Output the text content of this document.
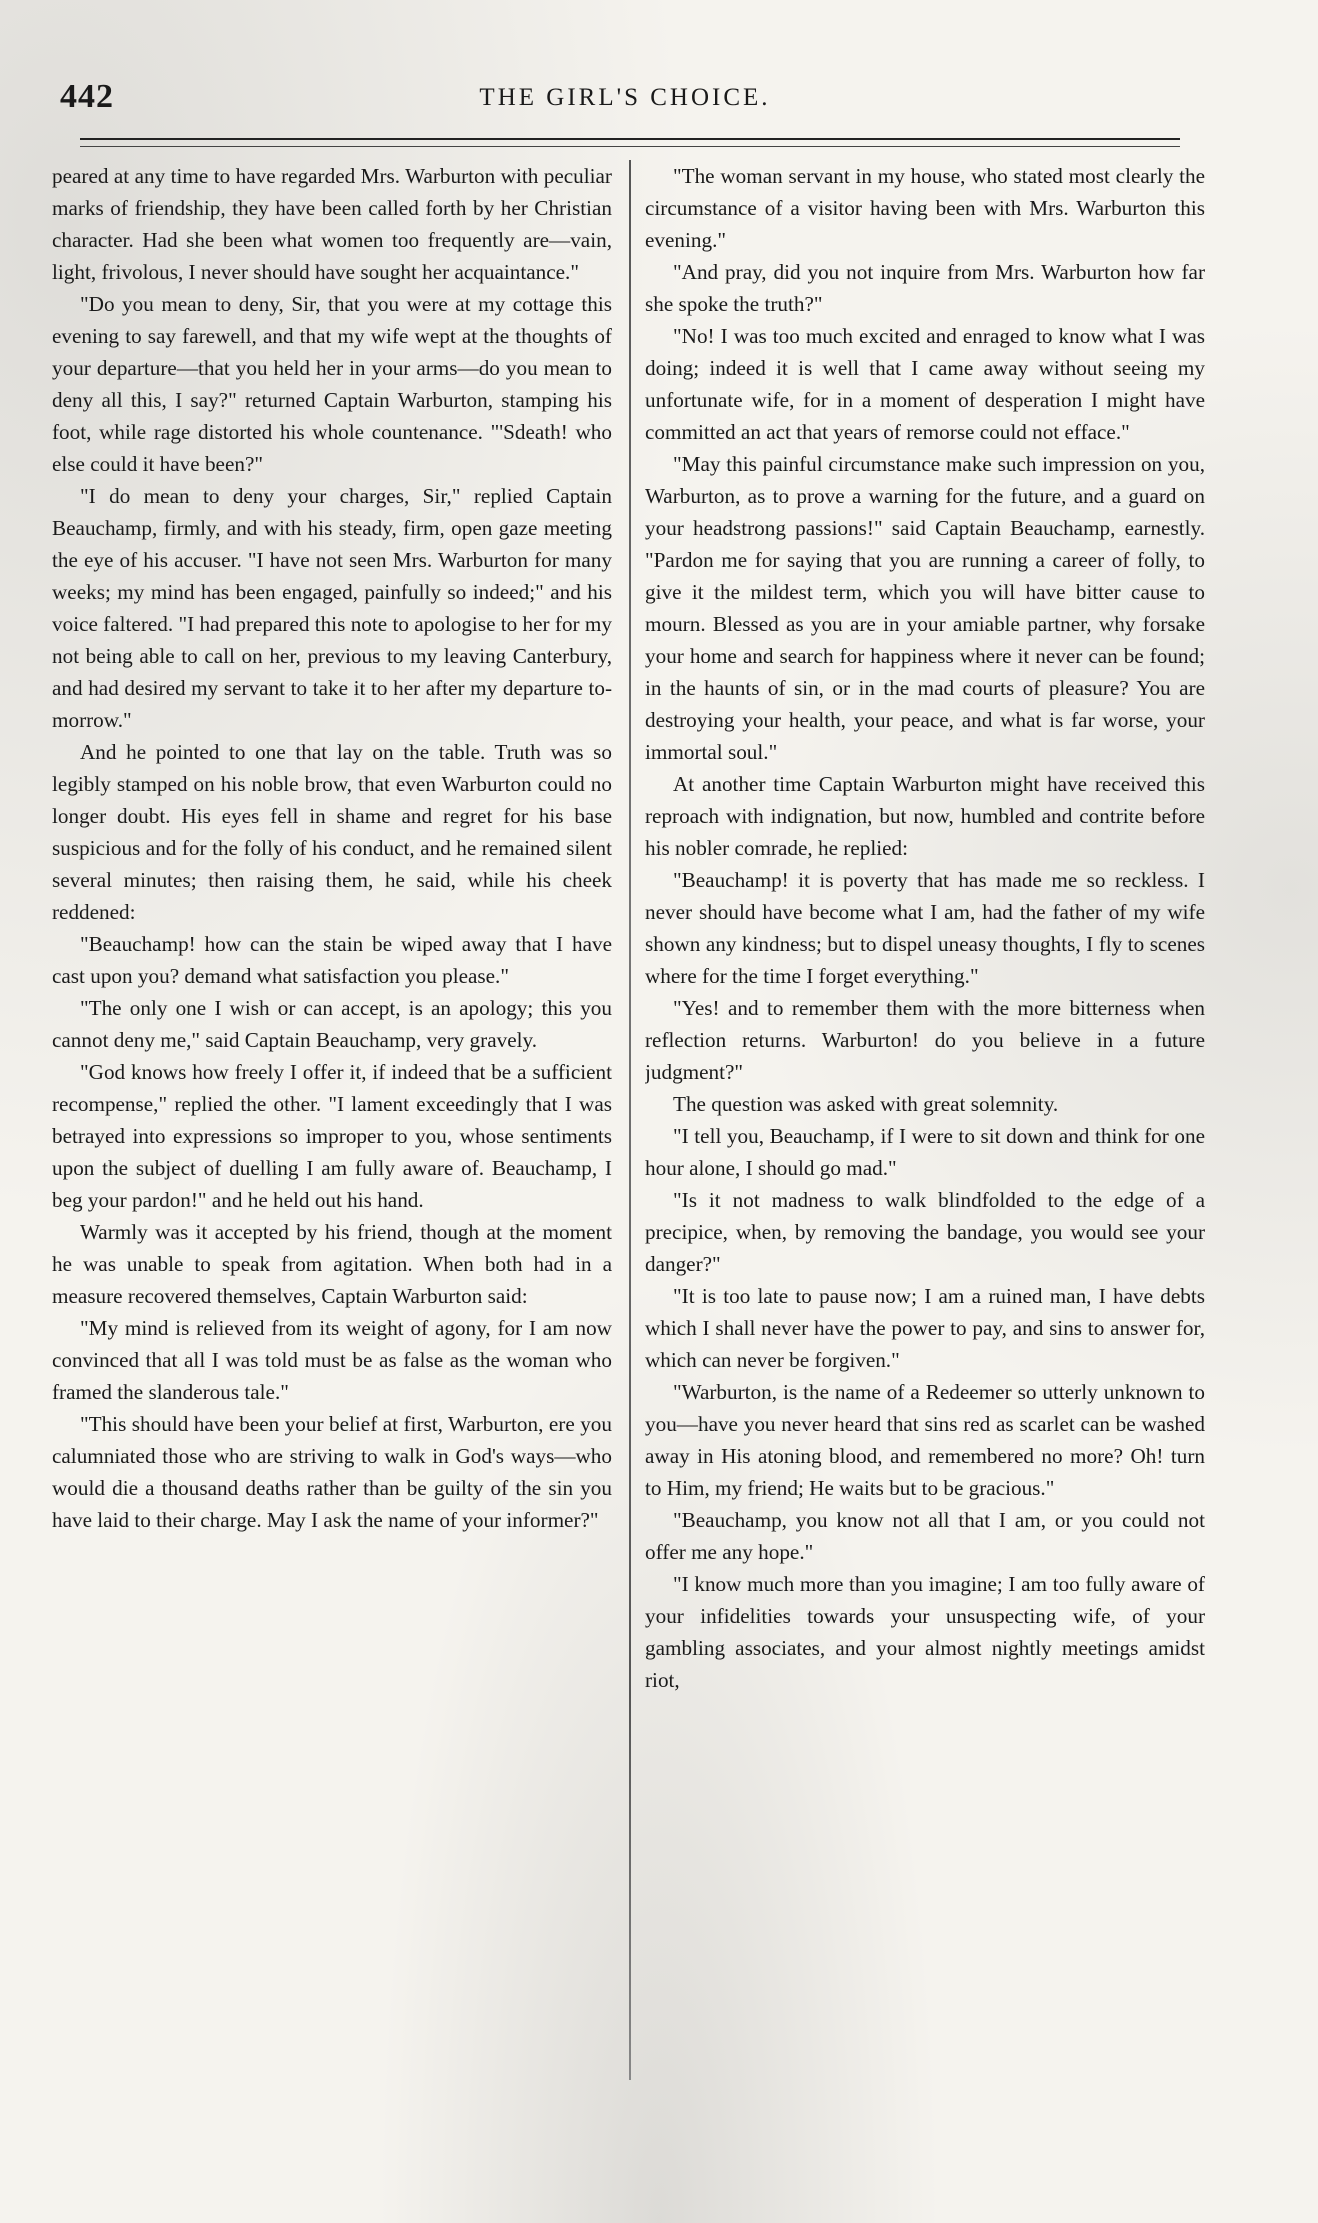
442	THE GIRL'S CHOICE.

peared at any time to have regarded Mrs. Warburton with peculiar marks of friendship, they have been called forth by her Christian character. Had she been what women too frequently are—vain, light, frivolous, I never should have sought her acquaintance."

"Do you mean to deny, Sir, that you were at my cottage this evening to say farewell, and that my wife wept at the thoughts of your departure—that you held her in your arms—do you mean to deny all this, I say?" returned Captain Warburton, stamping his foot, while rage distorted his whole countenance. "'Sdeath! who else could it have been?"

"I do mean to deny your charges, Sir," replied Captain Beauchamp, firmly, and with his steady, firm, open gaze meeting the eye of his accuser. "I have not seen Mrs. Warburton for many weeks; my mind has been engaged, painfully so indeed;" and his voice faltered. "I had prepared this note to apologise to her for my not being able to call on her, previous to my leaving Canterbury, and had desired my servant to take it to her after my departure to-morrow."

And he pointed to one that lay on the table. Truth was so legibly stamped on his noble brow, that even Warburton could no longer doubt. His eyes fell in shame and regret for his base suspicious and for the folly of his conduct, and he remained silent several minutes; then raising them, he said, while his cheek reddened:

"Beauchamp! how can the stain be wiped away that I have cast upon you? demand what satisfaction you please."

"The only one I wish or can accept, is an apology; this you cannot deny me," said Captain Beauchamp, very gravely.

"God knows how freely I offer it, if indeed that be a sufficient recompense," replied the other. "I lament exceedingly that I was betrayed into expressions so improper to you, whose sentiments upon the subject of duelling I am fully aware of. Beauchamp, I beg your pardon!" and he held out his hand.

Warmly was it accepted by his friend, though at the moment he was unable to speak from agitation. When both had in a measure recovered themselves, Captain Warburton said:

"My mind is relieved from its weight of agony, for I am now convinced that all I was told must be as false as the woman who framed the slanderous tale."

"This should have been your belief at first, Warburton, ere you calumniated those who are striving to walk in God's ways—who would die a thousand deaths rather than be guilty of the sin you have laid to their charge. May I ask the name of your informer?"

"The woman servant in my house, who stated most clearly the circumstance of a visitor having been with Mrs. Warburton this evening."

"And pray, did you not inquire from Mrs. Warburton how far she spoke the truth?"

"No! I was too much excited and enraged to know what I was doing; indeed it is well that I came away without seeing my unfortunate wife, for in a moment of desperation I might have committed an act that years of remorse could not efface."

"May this painful circumstance make such impression on you, Warburton, as to prove a warning for the future, and a guard on your headstrong passions!" said Captain Beauchamp, earnestly. "Pardon me for saying that you are running a career of folly, to give it the mildest term, which you will have bitter cause to mourn. Blessed as you are in your amiable partner, why forsake your home and search for happiness where it never can be found; in the haunts of sin, or in the mad courts of pleasure? You are destroying your health, your peace, and what is far worse, your immortal soul."

At another time Captain Warburton might have received this reproach with indignation, but now, humbled and contrite before his nobler comrade, he replied:

"Beauchamp! it is poverty that has made me so reckless. I never should have become what I am, had the father of my wife shown any kindness; but to dispel uneasy thoughts, I fly to scenes where for the time I forget everything."

"Yes! and to remember them with the more bitterness when reflection returns. Warburton! do you believe in a future judgment?"

The question was asked with great solemnity.

"I tell you, Beauchamp, if I were to sit down and think for one hour alone, I should go mad."

"Is it not madness to walk blindfolded to the edge of a precipice, when, by removing the bandage, you would see your danger?"

"It is too late to pause now; I am a ruined man, I have debts which I shall never have the power to pay, and sins to answer for, which can never be forgiven."

"Warburton, is the name of a Redeemer so utterly unknown to you—have you never heard that sins red as scarlet can be washed away in His atoning blood, and remembered no more? Oh! turn to Him, my friend; He waits but to be gracious."

"Beauchamp, you know not all that I am, or you could not offer me any hope."

"I know much more than you imagine; I am too fully aware of your infidelities towards your unsuspecting wife, of your gambling associates, and your almost nightly meetings amidst riot,
